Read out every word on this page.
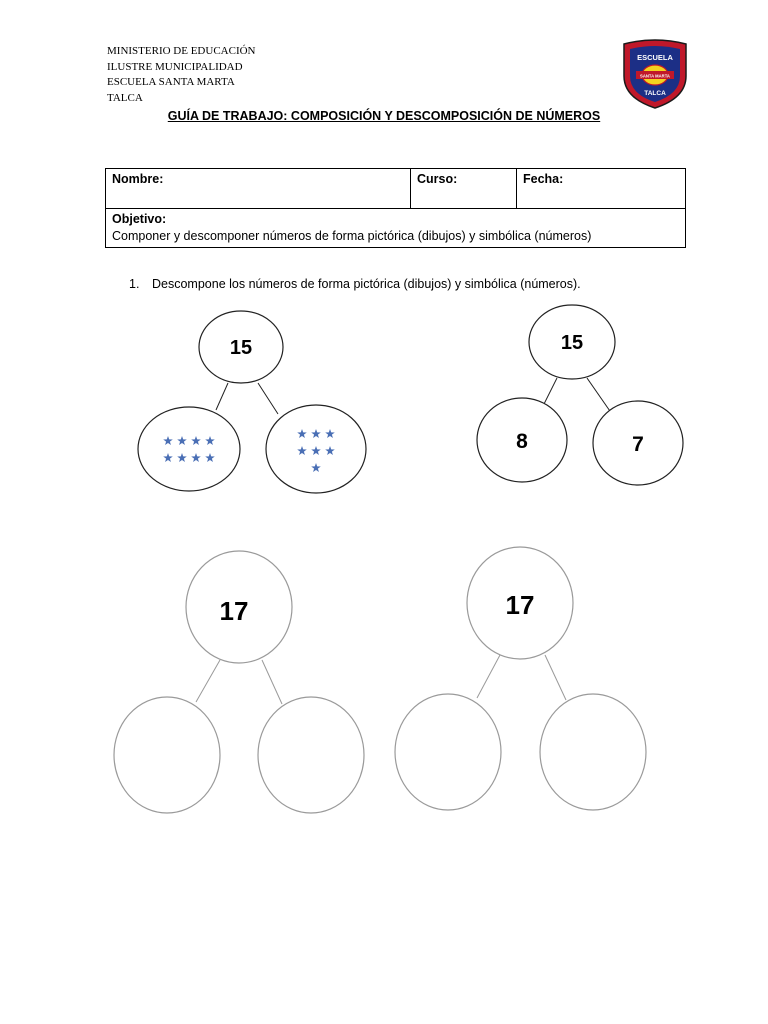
MINISTERIO DE EDUCACIÓN
ILUSTRE MUNICIPALIDAD
ESCUELA SANTA MARTA
TALCA
ESCUELA
SANTA MARTA
TALCA
GUÍA DE TRABAJO: COMPOSICIÓN Y DESCOMPOSICIÓN DE NÚMEROS
Nombre:	Curso:	Fecha:

Objetivo:
Componer y descomponer números de forma pictórica (dibujos) y simbólica (números)
1. Descompone los números de forma pictórica (dibujos) y simbólica (números).
15	15
8	7
17	17
